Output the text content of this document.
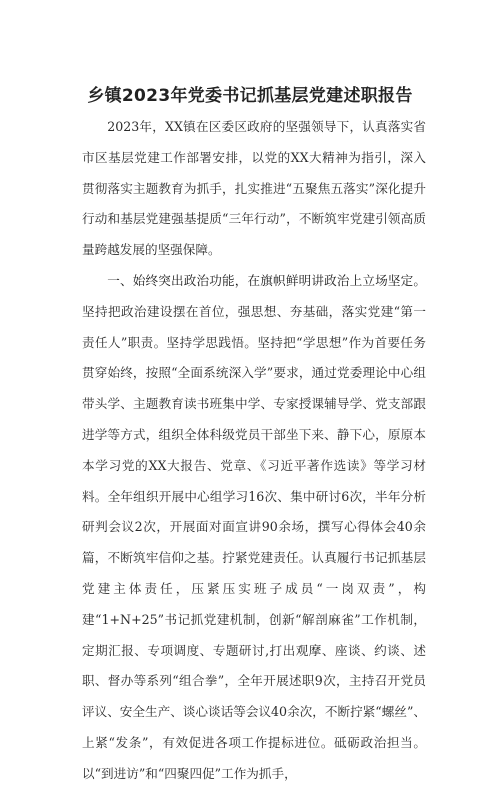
乡镇2023年党委书记抓基层党建述职报告

2023年，XX镇在区委区政府的坚强领导下，认真落实省市区基层党建工作部署安排，以党的XX大精神为指引，深入贯彻落实主题教育为抓手，扎实推进“五聚焦五落实”深化提升行动和基层党建强基提质“三年行动”，不断筑牢党建引领高质量跨越发展的坚强保障。

一、始终突出政治功能，在旗帜鲜明讲政治上立场坚定。坚持把政治建设摆在首位，强思想、夯基础，落实党建“第一责任人”职责。坚持学思践悟。坚持把“学思想”作为首要任务贯穿始终，按照“全面系统深入学”要求，通过党委理论中心组带头学、主题教育读书班集中学、专家授课辅导学、党支部跟进学等方式，组织全体科级党员干部坐下来、静下心，原原本本学习党的XX大报告、党章、《习近平著作选读》等学习材料。全年组织开展中心组学习16次、集中研讨6次，半年分析研判会议2次，开展面对面宣讲90余场，撰写心得体会40余篇，不断筑牢信仰之基。拧紧党建责任。认真履行书记抓基层党建主体责任，压紧压实班子成员“一岗双责”，构建“1+N+25”书记抓党建机制，创新“解剖麻雀”工作机制，定期汇报、专项调度、专题研讨,打出观摩、座谈、约谈、述职、督办等系列“组合拳”，全年开展述职9次，主持召开党员评议、安全生产、谈心谈话等会议40余次，不断拧紧“螺丝”、上紧“发条”，有效促进各项工作提标进位。砥砺政治担当。以“到进访”和“四聚四促”工作为抓手，
